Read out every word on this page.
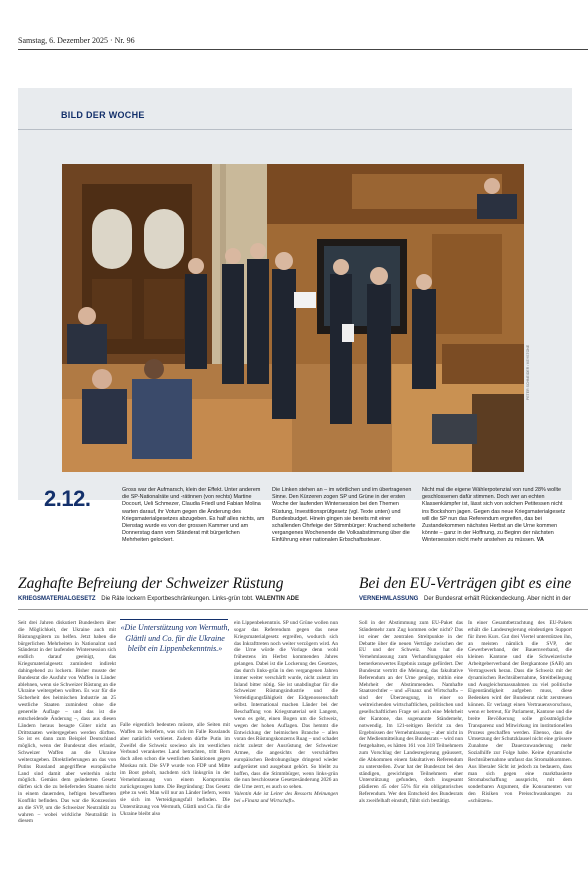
Samstag, 6. Dezember 2025 · Nr. 96
BILD DER WOCHE
PETER SCHNEIDER / KEYSTONE
2.12.	Gross war der Aufmarsch, klein der Effekt. Unter anderem die SP-Nationalräte und -rätinnen (von rechts) Martine Docourt, Ueli Schmezer, Claudia Friedl und Fabian Molina warten darauf, ihr Votum gegen die Änderung des Kriegsmaterialgesetzes abzugeben. Es half alles nichts, am Dienstag wurde es von der grossen Kammer und am Donnerstag dann vom Ständerat mit bürgerlichen Mehrheiten gelockert.
Die Linken stehen an – im wörtlichen und im übertragenen Sinne. Den Kürzeren zogen SP und Grüne in der ersten Woche der laufenden Wintersession bei den Themen Rüstung, Investitionsprüfgesetz (vgl. Texte unten) und Bundesbudget. Hinein gingen sie bereits mit einer schallenden Ohrfeige der Stimmbürger: Krachend scheiterte vergangenes Wochenende die Volksabstimmung über die Einführung einer nationalen Erbschaftssteuer.
Nicht mal die eigene Wählerpotenzial von rund 28% wollte geschlossenen dafür stimmen. Doch wer an echten Klassenkämpfer ist, lässt sich von solchen Petitessen nicht ins Bockshorn jagen. Gegen das neue Kriegsmaterialgesetz will die SP nun das Referendum ergreifen, das bei Zustandekommen nächstes Herbst an die Urne kommen könnte – ganz in der Hoffnung, zu Beginn der nächsten Wintersession nicht mehr anstehen zu müssen. VA
Zaghafte Befreiung der Schweizer Rüstung
KRIEGSMATERIALGESETZ Die Räte lockern Exportbeschränkungen. Links-grün tobt. VALENTIN ADE
Seit drei Jahren diskutiert Bundesbern über die Möglichkeit, der Ukraine auch mit Rüstungsgütern zu helfen. Jetzt haben die bürgerlichen Mehrheiten in Nationalrat und Ständerat in der laufenden Wintersession sich endlich darauf geeinigt, das Kriegsmaterialgesetz zumindest indirekt dahingehend zu lockern. Bisher musste der Bundesrat die Ausfuhr von Waffen in Länder ablehnen, wenn sie Schweizer Rüstung an die Ukraine weitergeben wollten. Es war für die Sicherheit des heimischen Industrie an 25 westliche Staaten zumindest ohne die generelle Auflage – und das ist die entscheidende Änderung –, dass aus diesen Ländern heraus besagte Güter nicht an Drittstaaten weitergegeben werden dürften. So ist es dann zum Beispiel Deutschland möglich, wenn der Bundesrat dies erlaubt, Schweizer Waffen an die Ukraine weiterzugeben. Direktlieferungen an das von Putins Russland angegriffene europäische Land sind damit aber weiterhin nicht möglich. Gemäss dem geänderten Gesetz dürfen sich die zu beliefernden Staaten nicht in einem dauernden, heftigen bewaffneten Konflikt befinden. Das war die Konzession an die SVP, um die Schweizer Neutralität zu wahren – wobei wirkliche Neutralität in diesem
«Die Unterstützung von Wermuth, Glättli und Co. für die Ukraine bleibt ein Lippenbekenntnis.»
Falle eigentlich bedeuten müsste, alle Seiten mit Waffen zu beliefern, was sich im Falle Russlands aber natürlich verbietet. Zudem dürfte Putin im Zweifel die Schweiz sowieso als im westlichen Verbund verankertes Land betrachten, tritt Bern doch allen schon die westlichen Sanktionen gegen Moskau mit. Die SVP wurde von FDP und Mitte im Boot geholt, nachdem sich linksgrün in der Vernehmlassung von einem Kompromiss zurückgezogen hatte. Die Begründung: Das Gesetz gehe zu weit. Man will nur an Länder liefern, wenn sie sich im Verteidigungsfall befinden. Die Unterstützung von Wermuth, Glättli und Co. für die Ukraine bleibt also
ein Lippenbekenntnis. SP und Grüne wollen nun sogar das Referendum gegen das neue Kriegsmaterialgesetz ergreifen, wodurch sich das Inkrafttreten noch weiter verzögern wird. An die Urne würde die Vorlage denn wohl frühestens im Herbst kommenden Jahres gelangen. Dabei ist die Lockerung des Gesetzes, das durch links-grün in den vergangenen Jahren immer weiter verschärft wurde, nicht zuletzt im Inland bitter nötig. Sie ist unabdingbar für die Schweizer Rüstungsindustrie und die Verteidigungsfähigkeit der Eidgenossenschaft selbst. International machen Länder bei der Beschaffung von Kriegsmaterial seit Langem, wenn es geht, einen Bogen um die Schweiz, wegen der hohen Auflagen. Das hemmt die Entwicklung der heimischen Branche – allen voran des Rüstungskonzerns Ruag – und schadet nicht zuletzt der Ausrüstung der Schweizer Armee, die angesichts der verschärften europäischen Bedrohungslage dringend wieder aufgerüstet und ausgebaut gehört. So bleibt zu hoffen, dass die Stimmbürger, wenn links-grün die nun beschlossene Gesetzesänderung 2026 an die Urne zerrt, es auch so sehen.
Valentin Ade ist Leiter des Ressorts Meinungen bei «Finanz und Wirtschaft».
Bei den EU-Verträgen gibt es eine
VERNEHMLASSUNG Der Bundesrat erhält Rückendeckung. Aber nicht in der
Soll in der Abstimmung zum EU-Paket das Ständemehr zum Zug kommen oder nicht? Das ist einer der zentralen Streitpunkte in der Debatte über die neuen Verträge zwischen der EU und der Schweiz. Nun hat die Vernehmlassung zum Verhandlungspaket ein bemerkenswertes Ergebnis zutage gefördert. Der Bundesrat vertritt die Meinung, das fakultative Referendum an der Urne genüge, mithin eine Mehrheit der Abstimmenden. Namhafte Staatsrechtler – und «Finanz und Wirtschaft» – sind der Überzeugung, in einer so weitreichenden wirtschaftlichen, politischen und gesellschaftlichen Frage sei auch eine Mehrheit der Kantone, das sogenannte Ständemehr, notwendig. Im 121-seitigen Bericht zu den Ergebnissen der Vernehmlassung – aber nicht in der Medienmitteilung des Bundesrats – wird nun festgehalten, es hätten 161 von 318 Teilnehmern zum Vorschlag der Landesregierung geäussert, die Abkommen einem fakultativen Referendum zu unterstellen. Zwar hat der Bundesrat bei den ständigen, gewichtigen Teilnehmern eher Unterstützung gefunden, doch insgesamt plädieren 45 oder 55% für ein obligatorisches Referendum. Wer den Entscheid des Bundesrats als zweifelhaft einstuft, fühlt sich bestätigt.
In einer Gesamtbetrachtung des EU-Pakets erhält die Landesregierung eindeutigen Support für ihren Kurs. Gut drei Viertel unterstützen ihn, an meisten nämlich die SVP, der Gewerbeverband, der Bauernverband, die kleinen Kantone und die Schweizerische Arbeitgeberverband der Bergkantone (SAB) am Vertragswerk heran. Dass die Schweiz mit der dynamischen Rechtsübernahme, Streitbeilegung und Ausgleichsmassnahmen zu viel politische Eigenständigkeit aufgeben muss, diese Bedenken wird der Bundesrat nicht zerstreuen können. Er verlangt einen Vertrauensvorschuss, wenn er betreut, für Parlament, Kantone und die breite Bevölkerung solle grösstmögliche Transparenz und Mitwirkung im institutionellen Prozess geschaffen werden. Ebenso, dass die Umsetzung der Schutzklausel nicht eine grössere Zunahme der Dauerzuwanderung mehr Sozialhilfe zur Folge habe. Keine dynamische Rechtsübernahme umfasst das Stromabkommen. Aus liberaler Sicht ist jedoch zu bedauern, dass man sich gegen eine marktbasierte Stromabschaffung ausspricht, mit dem sonderbaren Argument, die Konsumenten vor den Risiken von Preisschwankungen zu «schützen».
